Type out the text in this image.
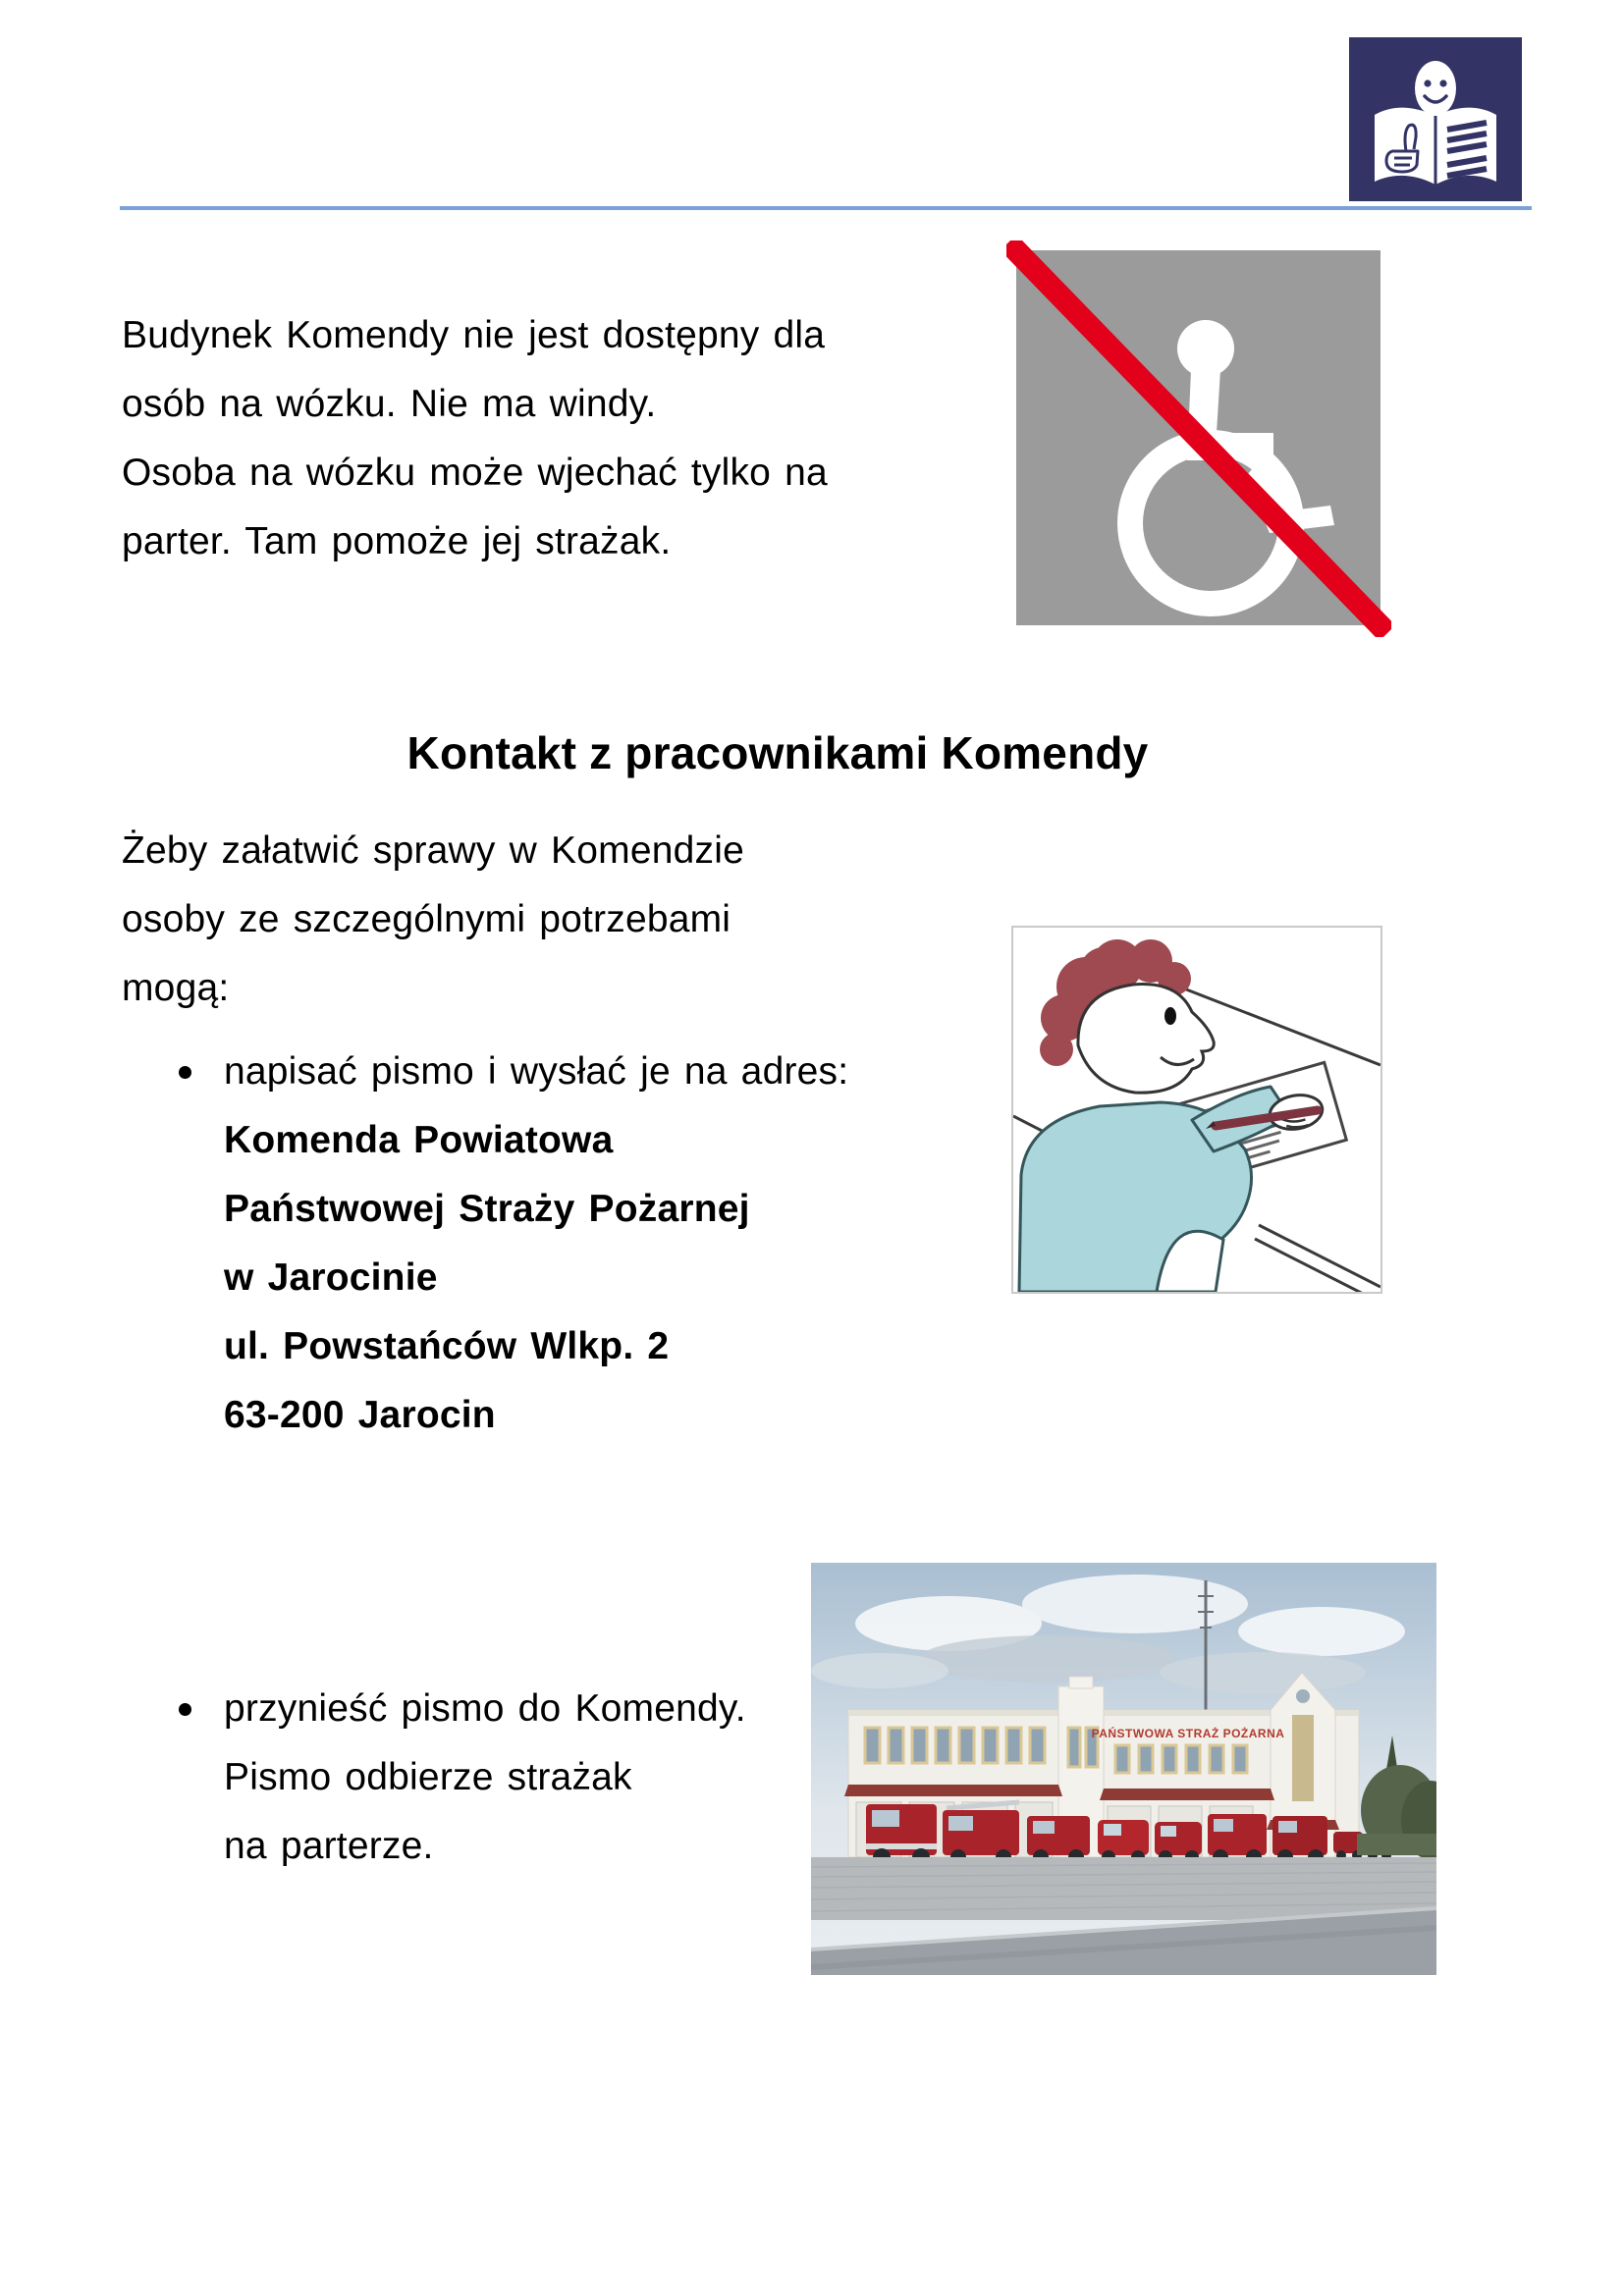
Budynek Komendy nie jest dostępny dla
osób na wózku. Nie ma windy.
Osoba na wózku może wjechać tylko na
parter. Tam pomoże jej strażak.
Kontakt z pracownikami Komendy
Żeby załatwić sprawy w Komendzie
osoby ze szczególnymi potrzebami
mogą:
napisać pismo i wysłać je na adres:
Komenda Powiatowa
Państwowej Straży Pożarnej
w Jarocinie
ul. Powstańców Wlkp. 2
63-200 Jarocin
przynieść pismo do Komendy.
Pismo odbierze strażak
na parterze.
PAŃSTWOWA STRAŻ POŻARNA
